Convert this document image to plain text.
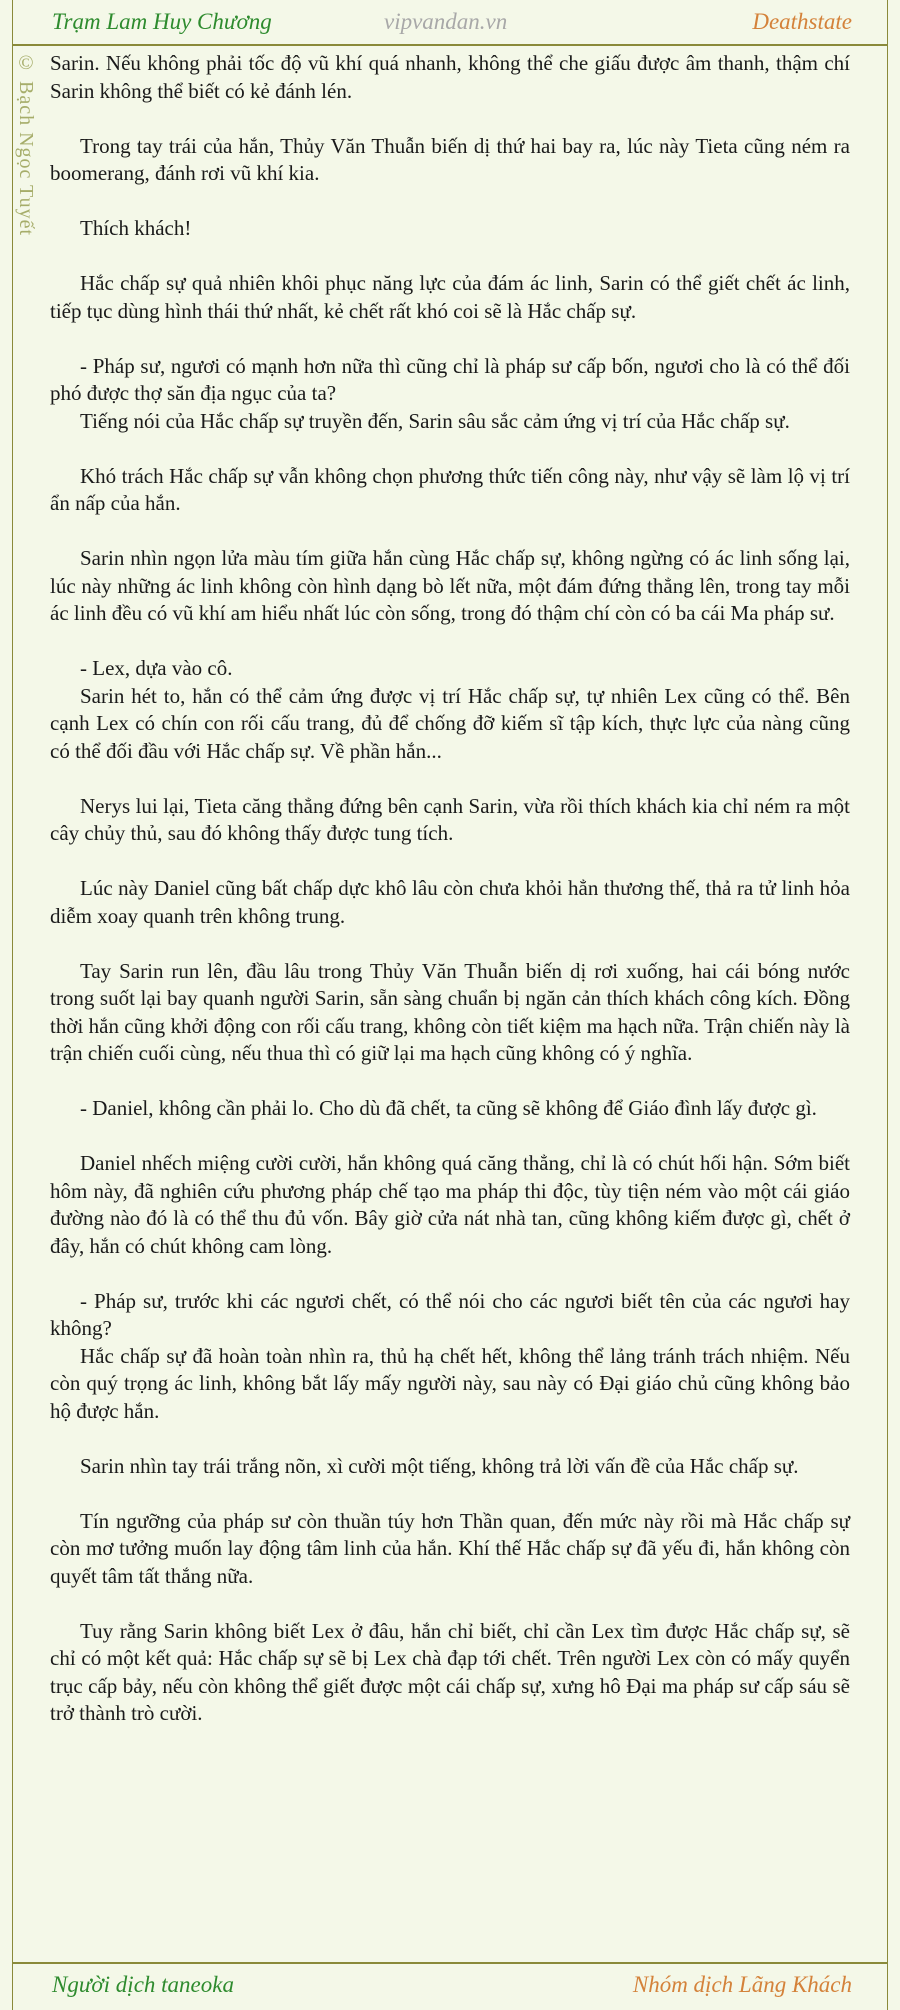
Trạm Lam Huy Chương	vipvandan.vn	Deathstate
© Bạch Ngọc Tuyết Sarin. Nếu không phải tốc độ vũ khí quá nhanh, không thể che giấu được âm thanh, thậm chí Sarin không thể biết có kẻ đánh lén.

Trong tay trái của hắn, Thủy Văn Thuẫn biến dị thứ hai bay ra, lúc này Tieta cũng ném ra boomerang, đánh rơi vũ khí kia.

Thích khách!

Hắc chấp sự quả nhiên khôi phục năng lực của đám ác linh, Sarin có thể giết chết ác linh, tiếp tục dùng hình thái thứ nhất, kẻ chết rất khó coi sẽ là Hắc chấp sự.

- Pháp sư, ngươi có mạnh hơn nữa thì cũng chỉ là pháp sư cấp bốn, ngươi cho là có thể đối phó được thợ săn địa ngục của ta?

Tiếng nói của Hắc chấp sự truyền đến, Sarin sâu sắc cảm ứng vị trí của Hắc chấp sự.

Khó trách Hắc chấp sự vẫn không chọn phương thức tiến công này, như vậy sẽ làm lộ vị trí ẩn nấp của hắn.

Sarin nhìn ngọn lửa màu tím giữa hắn cùng Hắc chấp sự, không ngừng có ác linh sống lại, lúc này những ác linh không còn hình dạng bò lết nữa, một đám đứng thẳng lên, trong tay mỗi ác linh đều có vũ khí am hiểu nhất lúc còn sống, trong đó thậm chí còn có ba cái Ma pháp sư.

- Lex, dựa vào cô.

Sarin hét to, hắn có thể cảm ứng được vị trí Hắc chấp sự, tự nhiên Lex cũng có thể. Bên cạnh Lex có chín con rối cấu trang, đủ để chống đỡ kiếm sĩ tập kích, thực lực của nàng cũng có thể đối đầu với Hắc chấp sự. Về phần hắn...

Nerys lui lại, Tieta căng thẳng đứng bên cạnh Sarin, vừa rồi thích khách kia chỉ ném ra một cây chủy thủ, sau đó không thấy được tung tích.

Lúc này Daniel cũng bất chấp dực khô lâu còn chưa khỏi hẳn thương thế, thả ra tử linh hỏa diễm xoay quanh trên không trung.

Tay Sarin run lên, đầu lâu trong Thủy Văn Thuẫn biến dị rơi xuống, hai cái bóng nước trong suốt lại bay quanh người Sarin, sẵn sàng chuẩn bị ngăn cản thích khách công kích. Đồng thời hắn cũng khởi động con rối cấu trang, không còn tiết kiệm ma hạch nữa. Trận chiến này là trận chiến cuối cùng, nếu thua thì có giữ lại ma hạch cũng không có ý nghĩa.

- Daniel, không cần phải lo. Cho dù đã chết, ta cũng sẽ không để Giáo đình lấy được gì.

Daniel nhếch miệng cười cười, hắn không quá căng thẳng, chỉ là có chút hối hận. Sớm biết hôm này, đã nghiên cứu phương pháp chế tạo ma pháp thi độc, tùy tiện ném vào một cái giáo đường nào đó là có thể thu đủ vốn. Bây giờ cửa nát nhà tan, cũng không kiếm được gì, chết ở đây, hắn có chút không cam lòng.

- Pháp sư, trước khi các ngươi chết, có thể nói cho các ngươi biết tên của các ngươi hay không?

Hắc chấp sự đã hoàn toàn nhìn ra, thủ hạ chết hết, không thể lảng tránh trách nhiệm. Nếu còn quý trọng ác linh, không bắt lấy mấy người này, sau này có Đại giáo chủ cũng không bảo hộ được hắn.

Sarin nhìn tay trái trắng nõn, xì cười một tiếng, không trả lời vấn đề của Hắc chấp sự.

Tín ngưỡng của pháp sư còn thuần túy hơn Thần quan, đến mức này rồi mà Hắc chấp sự còn mơ tưởng muốn lay động tâm linh của hắn. Khí thế Hắc chấp sự đã yếu đi, hắn không còn quyết tâm tất thắng nữa.

Tuy rằng Sarin không biết Lex ở đâu, hắn chỉ biết, chỉ cần Lex tìm được Hắc chấp sự, sẽ chỉ có một kết quả: Hắc chấp sự sẽ bị Lex chà đạp tới chết. Trên người Lex còn có mấy quyển trục cấp bảy, nếu còn không thể giết được một cái chấp sự, xưng hô Đại ma pháp sư cấp sáu sẽ trở thành trò cười.

Người dịch taneoka	Nhóm dịch Lãng Khách
